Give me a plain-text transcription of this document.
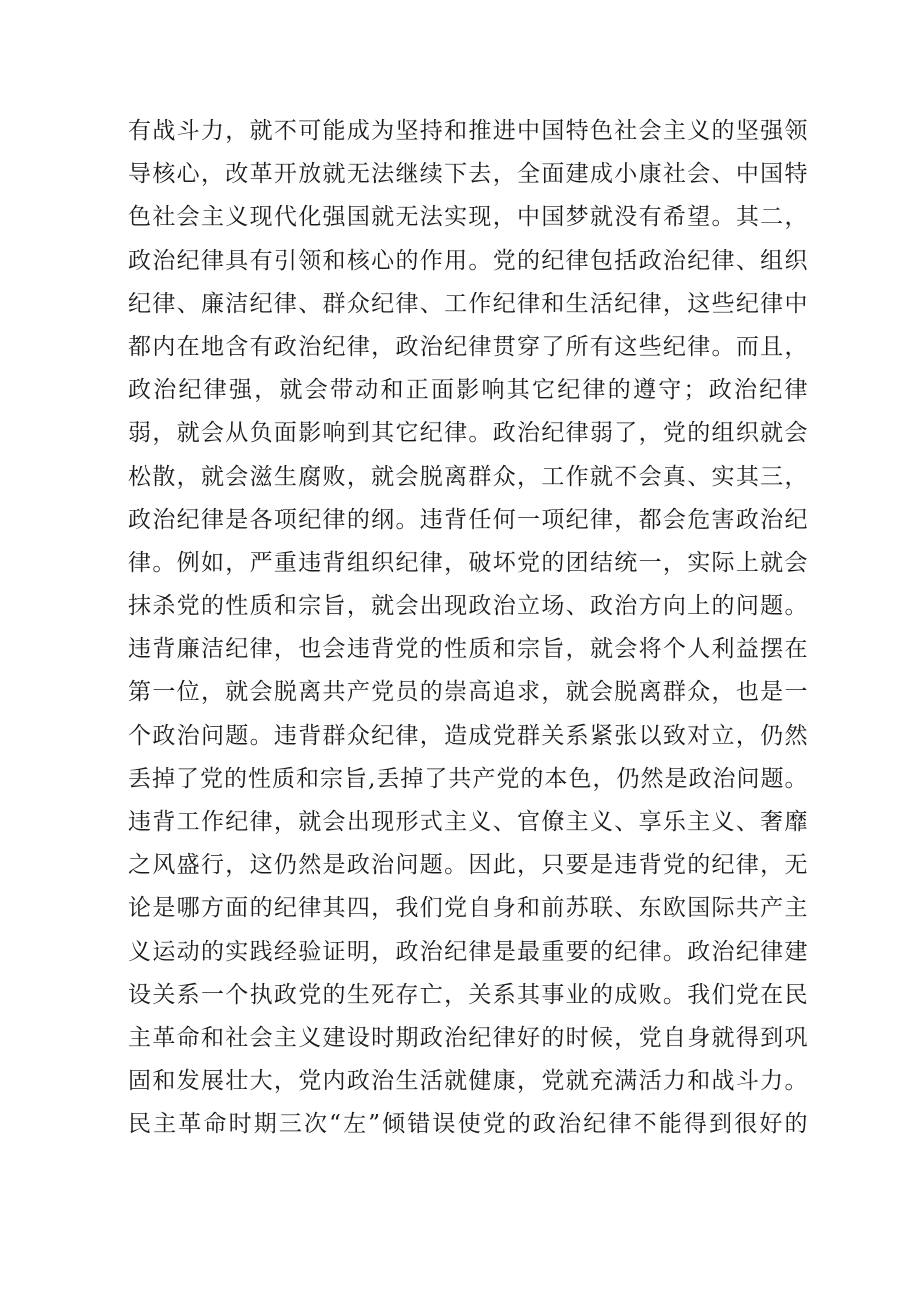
有战斗力，就不可能成为坚持和推进中国特色社会主义的坚强领
导核心，改革开放就无法继续下去，全面建成小康社会、中国特
色社会主义现代化强国就无法实现，中国梦就没有希望。其二，
政治纪律具有引领和核心的作用。党的纪律包括政治纪律、组织
纪律、廉洁纪律、群众纪律、工作纪律和生活纪律，这些纪律中
都内在地含有政治纪律，政治纪律贯穿了所有这些纪律。而且，
政治纪律强，就会带动和正面影响其它纪律的遵守；政治纪律
弱，就会从负面影响到其它纪律。政治纪律弱了，党的组织就会
松散，就会滋生腐败，就会脱离群众，工作就不会真、实其三，
政治纪律是各项纪律的纲。违背任何一项纪律，都会危害政治纪
律。例如，严重违背组织纪律，破坏党的团结统一，实际上就会
抹杀党的性质和宗旨，就会出现政治立场、政治方向上的问题。
违背廉洁纪律，也会违背党的性质和宗旨，就会将个人利益摆在
第一位，就会脱离共产党员的崇高追求，就会脱离群众，也是一
个政治问题。违背群众纪律，造成党群关系紧张以致对立，仍然
丢掉了党的性质和宗旨,丢掉了共产党的本色，仍然是政治问题。
违背工作纪律，就会出现形式主义、官僚主义、享乐主义、奢靡
之风盛行，这仍然是政治问题。因此，只要是违背党的纪律，无
论是哪方面的纪律其四，我们党自身和前苏联、东欧国际共产主
义运动的实践经验证明，政治纪律是最重要的纪律。政治纪律建
设关系一个执政党的生死存亡，关系其事业的成败。我们党在民
主革命和社会主义建设时期政治纪律好的时候，党自身就得到巩
固和发展壮大，党内政治生活就健康，党就充满活力和战斗力。
民主革命时期三次“左”倾错误使党的政治纪律不能得到很好的
